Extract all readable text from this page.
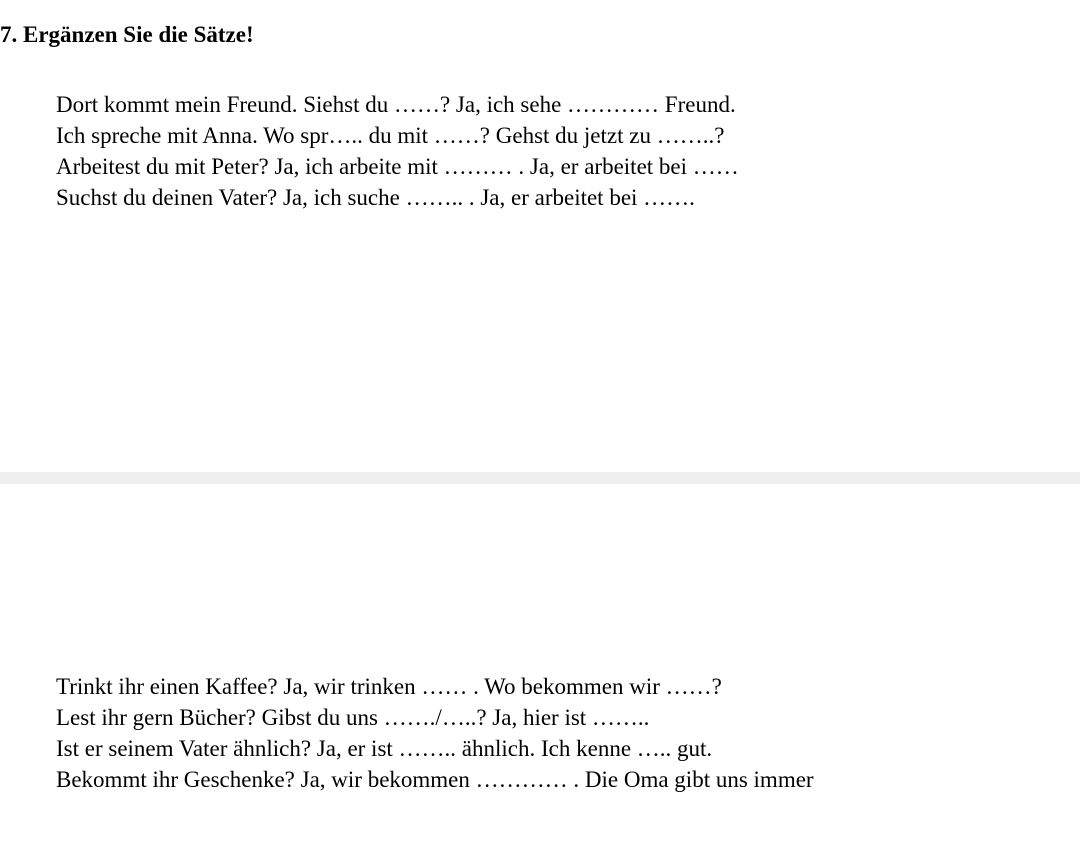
7. Ergänzen Sie die Sätze!
Dort kommt mein Freund. Siehst du ……? Ja, ich sehe ………… Freund.
Ich spreche mit Anna. Wo spr….. du mit ……? Gehst du jetzt zu ……..?
Arbeitest du mit Peter? Ja, ich arbeite mit ……… . Ja, er arbeitet bei ……
Suchst du deinen Vater? Ja, ich suche …….. . Ja, er arbeitet bei …….
Trinkt ihr einen Kaffee? Ja, wir trinken …… . Wo bekommen wir ……?
Lest ihr gern Bücher? Gibst du uns ……./…..? Ja, hier ist ……..
Ist er seinem Vater ähnlich? Ja, er ist …….. ähnlich. Ich kenne ….. gut.
Bekommt ihr Geschenke? Ja, wir bekommen ………… . Die Oma gibt uns immer
